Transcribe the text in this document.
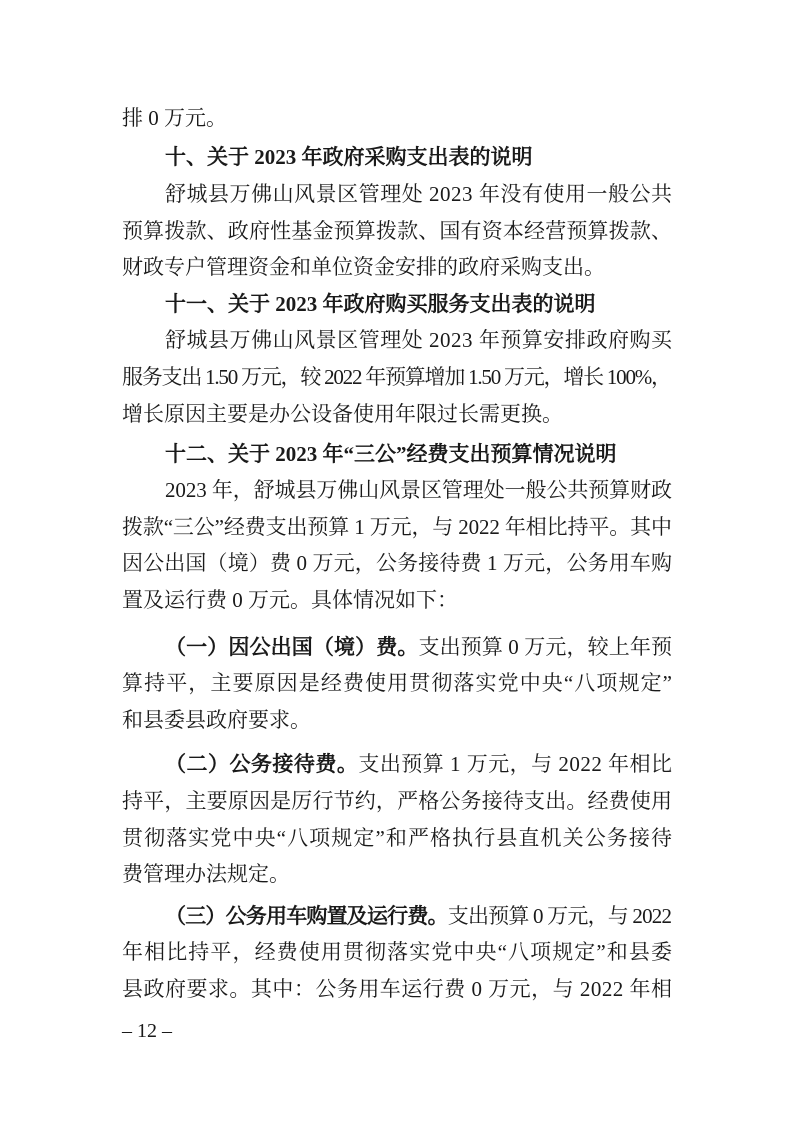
排 0 万元。
十、关于 2023 年政府采购支出表的说明
舒城县万佛山风景区管理处 2023 年没有使用一般公共
预算拨款、政府性基金预算拨款、国有资本经营预算拨款、
财政专户管理资金和单位资金安排的政府采购支出。
十一、关于 2023 年政府购买服务支出表的说明
舒城县万佛山风景区管理处 2023 年预算安排政府购买
服务支出 1.50 万元，较 2022 年预算增加 1.50 万元，增长 100%，
增长原因主要是办公设备使用年限过长需更换。
十二、关于 2023 年“三公”经费支出预算情况说明
2023 年，舒城县万佛山风景区管理处一般公共预算财政
拨款“三公”经费支出预算 1 万元，与 2022 年相比持平。其中
因公出国（境）费 0 万元，公务接待费 1 万元，公务用车购
置及运行费 0 万元。具体情况如下：
（一）因公出国（境）费。支出预算 0 万元，较上年预
算持平，主要原因是经费使用贯彻落实党中央“八项规定”
和县委县政府要求。
（二）公务接待费。支出预算 1 万元，与 2022 年相比
持平，主要原因是厉行节约，严格公务接待支出。经费使用
贯彻落实党中央“八项规定”和严格执行县直机关公务接待
费管理办法规定。
（三）公务用车购置及运行费。支出预算 0 万元，与 2022
年相比持平，经费使用贯彻落实党中央“八项规定”和县委
县政府要求。其中：公务用车运行费 0 万元，与 2022 年相
– 12 –
